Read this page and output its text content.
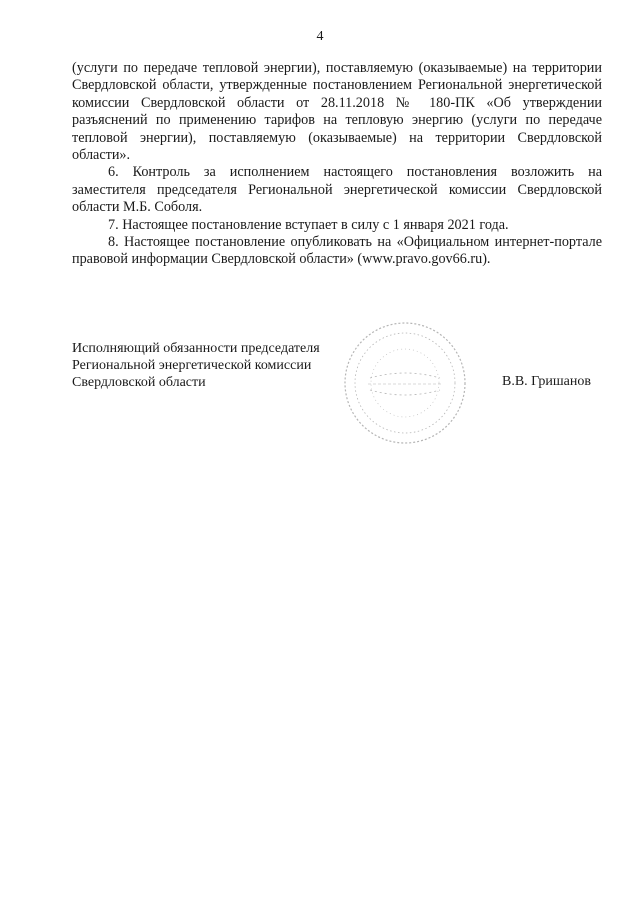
4

(услуги по передаче тепловой энергии), поставляемую (оказываемые) на территории Свердловской области, утвержденные постановлением Региональной энергетической комиссии Свердловской области от 28.11.2018 № 180-ПК «Об утверждении разъяснений по применению тарифов на тепловую энергию (услуги по передаче тепловой энергии), поставляемую (оказываемые) на территории Свердловской области».

6. Контроль за исполнением настоящего постановления возложить на заместителя председателя Региональной энергетической комиссии Свердловской области М.Б. Соболя.

7. Настоящее постановление вступает в силу с 1 января 2021 года.

8. Настоящее постановление опубликовать на «Официальном интернет-портале правовой информации Свердловской области» (www.pravo.gov66.ru).

Исполняющий обязанности председателя
Региональной энергетической комиссии
Свердловской области	В.В. Гришанов
